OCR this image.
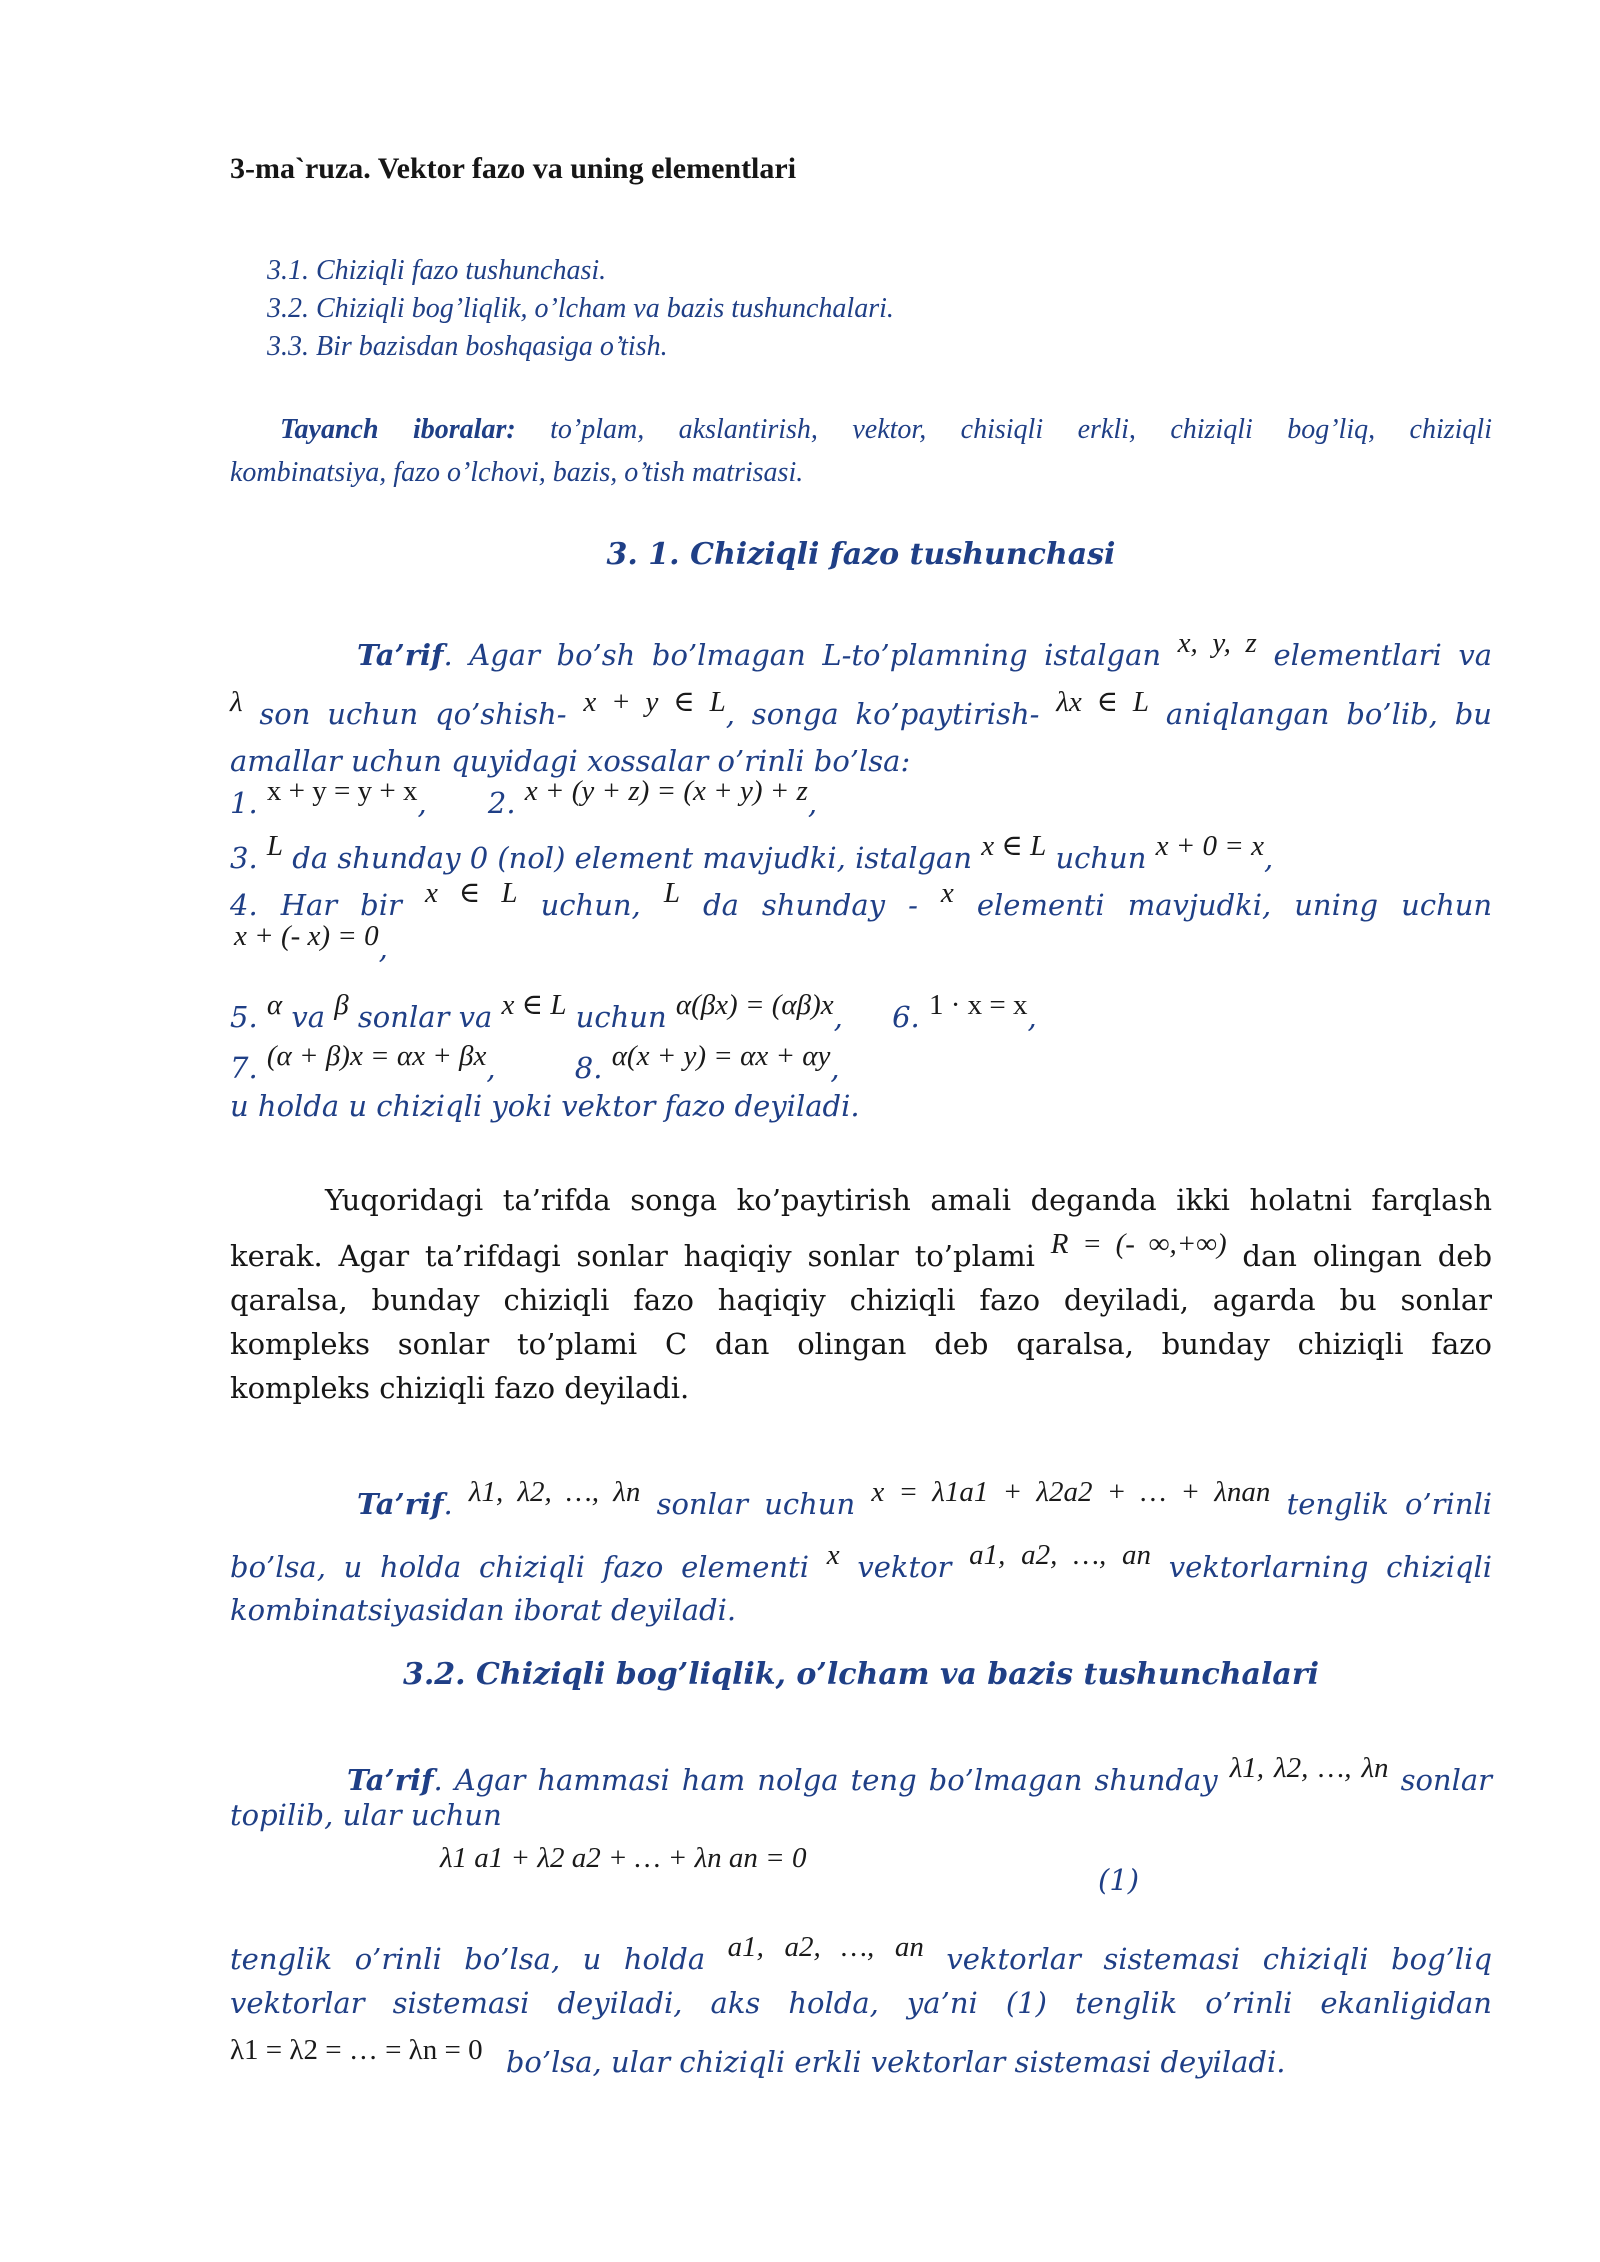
3-ma`ruza. Vektor fazo va uning elementlari
3.1. Chiziqli fazo tushunchasi.
3.2. Chiziqli bog’liqlik, o’lcham va bazis tushunchalari.
3.3. Bir bazisdan boshqasiga o’tish.
Tayanch iboralar: to’plam, akslantirish, vektor, chisiqli erkli, chiziqli bog’liq, chiziqli
kombinatsiya, fazo o’lchovi, bazis, o’tish matrisasi.
3. 1. Chiziqli fazo tushunchasi
Ta’rif. Agar bo’sh bo’lmagan L-to’plamning istalgan x, y, z elementlari va
λ son uchun qo’shish- x + y ∈ L, songa ko’paytirish- λx ∈ L aniqlangan bo’lib, bu
amallar uchun quyidagi xossalar o’rinli bo’lsa:
1. x + y = y + x, 2. x + (y + z) = (x + y) + z,
3. L da shunday 0 (nol) element mavjudki, istalgan x ∈ L uchun x + 0 = x,
4. Har bir x ∈ L uchun, L da shunday - x elementi mavjudki, uning uchun
x + (- x) = 0,
5. α va β sonlar va x ∈ L uchun α(βx) = (αβ)x, 6. 1 · x = x,
7. (α + β)x = αx + βx,	8. α(x + y) = αx + αy,
u holda u chiziqli yoki vektor fazo deyiladi.
Yuqoridagi ta’rifda songa ko’paytirish amali deganda ikki holatni farqlash
kerak. Agar ta’rifdagi sonlar haqiqiy sonlar to’plami R = (- ∞,+∞) dan olingan deb
qaralsa, bunday chiziqli fazo haqiqiy chiziqli fazo deyiladi, agarda bu sonlar
kompleks sonlar to’plami C dan olingan deb qaralsa, bunday chiziqli fazo
kompleks chiziqli fazo deyiladi.
Ta’rif. λ1, λ2, …, λn sonlar uchun x = λ1a1 + λ2a2 + … + λnan tenglik o’rinli
bo’lsa, u holda chiziqli fazo elementi x vektor a1, a2, …, an vektorlarning chiziqli
kombinatsiyasidan iborat deyiladi.
3.2. Chiziqli bog’liqlik, o’lcham va bazis tushunchalari
Ta’rif. Agar hammasi ham nolga teng bo’lmagan shunday λ1, λ2, …, λn sonlar
topilib, ular uchun
λ1 a1 + λ2 a2 + … + λn an = 0
(1)
tenglik o’rinli bo’lsa, u holda a1, a2, …, an vektorlar sistemasi chiziqli bog’liq
vektorlar sistemasi deyiladi, aks holda, ya’ni (1) tenglik o’rinli ekanligidan
λ1 = λ2 = … = λn = 0 bo’lsa, ular chiziqli erkli vektorlar sistemasi deyiladi.
